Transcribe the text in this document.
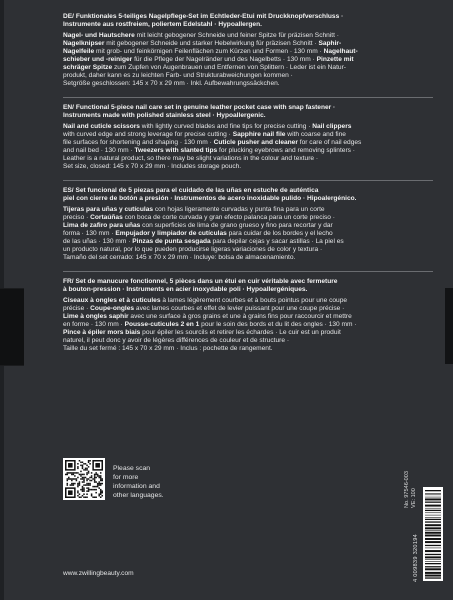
DE/ Funktionales 5-teiliges Nagelpflege-Set im Echtleder-Etui mit Druckknopfverschluss ·
Instrumente aus rostfreiem, poliertem Edelstahl · Hypoallergen.
Nagel- und Hautschere mit leicht gebogener Schneide und feiner Spitze für präzisen Schnitt ·
Nagelknipser mit gebogener Schneide und starker Hebelwirkung für präzisen Schnitt · Saphir-
Nagelfeile mit grob- und feinkörnigen Feilenflächen zum Kürzen und Formen · 130 mm · Nagelhaut-
schieber und -reiniger für die Pflege der Nagelränder und des Nagelbetts · 130 mm · Pinzette mit
schräger Spitze zum Zupfen von Augenbrauen und Entfernen von Splittern · Leder ist ein Natur-
produkt, daher kann es zu leichten Farb- und Strukturabweichungen kommen ·
Setgröße geschlossen: 145 x 70 x 29 mm · Inkl. Aufbewahrungssäckchen.
EN/ Functional 5-piece nail care set in genuine leather pocket case with snap fastener ·
Instruments made with polished stainless steel · Hypoallergenic.
Nail and cuticle scissors with lightly curved blades and fine tips for precise cutting · Nail clippers
with curved edge and strong leverage for precise cutting · Sapphire nail file with coarse and fine
file surfaces for shortening and shaping · 130 mm · Cuticle pusher and cleaner for care of nail edges
and nail bed · 130 mm · Tweezers with slanted tips for plucking eyebrows and removing splinters ·
Leather is a natural product, so there may be slight variations in the colour and texture ·
Set size, closed: 145 x 70 x 29 mm · Includes storage pouch.
ES/ Set funcional de 5 piezas para el cuidado de las uñas en estuche de auténtica
piel con cierre de botón a presión · Instrumentos de acero inoxidable pulido · Hipoalergénico.
Tijeras para uñas y cutículas con hojas ligeramente curvadas y punta fina para un corte
preciso · Cortaúñas con boca de corte curvada y gran efecto palanca para un corte preciso ·
Lima de zafiro para uñas con superficies de lima de grano grueso y fino para recortar y dar
forma · 130 mm · Empujador y limpiador de cutículas para cuidar de los bordes y el lecho
de las uñas · 130 mm · Pinzas de punta sesgada para depilar cejas y sacar astillas · La piel es
un producto natural, por lo que pueden producirse ligeras variaciones de color y textura ·
Tamaño del set cerrado: 145 x 70 x 29 mm · Incluye: bolsa de almacenamiento.
FR/ Set de manucure fonctionnel, 5 pièces dans un étui en cuir véritable avec fermeture
à bouton-pression · Instruments en acier inoxydable poli · Hypoallergéniques.
Ciseaux à ongles et à cuticules à lames légèrement courbes et à bouts pointus pour une coupe
précise · Coupe-ongles avec lames courbes et effet de levier puissant pour une coupe précise ·
Lime à ongles saphir avec une surface à gros grains et une à grains fins pour raccourcir et mettre
en forme · 130 mm · Pousse-cuticules 2 en 1 pour le soin des bords et du lit des ongles · 130 mm ·
Pince à épiler mors biais pour épiler les sourcils et retirer les échardes · Le cuir est un produit
naturel, il peut donc y avoir de légères différences de couleur et de structure ·
Taille du set fermé : 145 x 70 x 29 mm · Inclus : pochette de rangement.
Please scan
for more
information and
other languages.
www.zwillingbeauty.com
No. 97546-003 VE: 100
4 009839 320194
